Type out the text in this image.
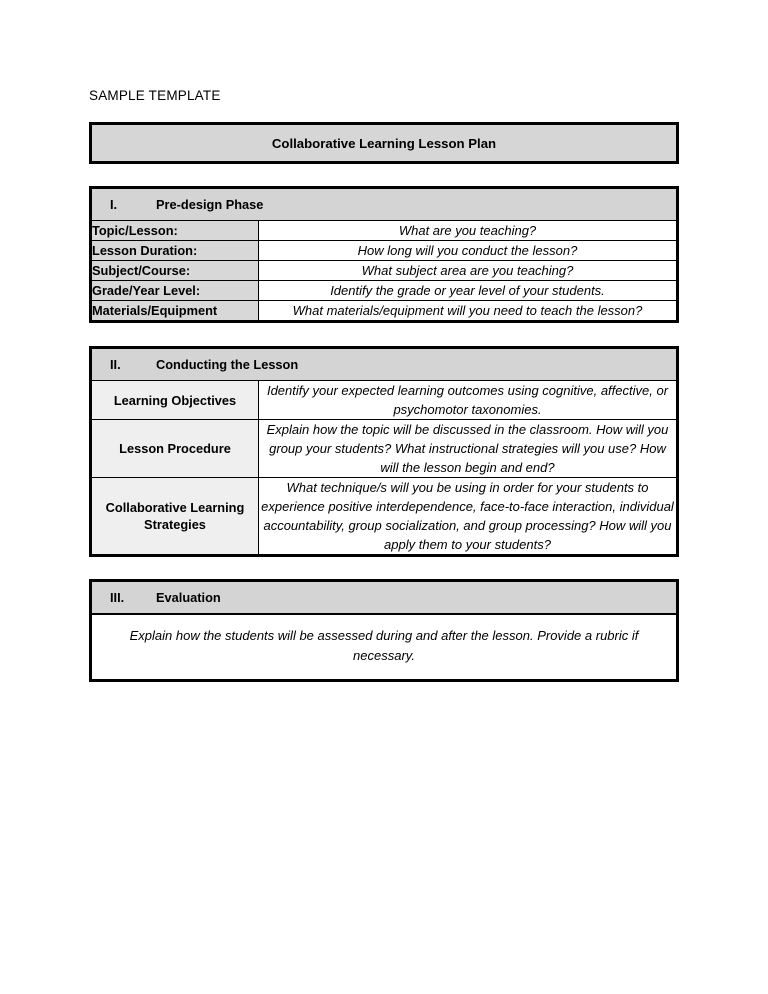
SAMPLE TEMPLATE
Collaborative Learning Lesson Plan
I. Pre-design Phase	
Topic/Lesson:	What are you teaching?
Lesson Duration:	How long will you conduct the lesson?
Subject/Course:	What subject area are you teaching?
Grade/Year Level:	Identify the grade or year level of your students.
Materials/Equipment	What materials/equipment will you need to teach the lesson?
II. Conducting the Lesson	
Learning Objectives	Identify your expected learning outcomes using cognitive, affective, or psychomotor taxonomies.
Lesson Procedure	Explain how the topic will be discussed in the classroom. How will you group your students? What instructional strategies will you use? How will the lesson begin and end?
Collaborative Learning Strategies	What technique/s will you be using in order for your students to experience positive interdependence, face-to-face interaction, individual accountability, group socialization, and group processing? How will you apply them to your students?
III. Evaluation

Explain how the students will be assessed during and after the lesson. Provide a rubric if necessary.
